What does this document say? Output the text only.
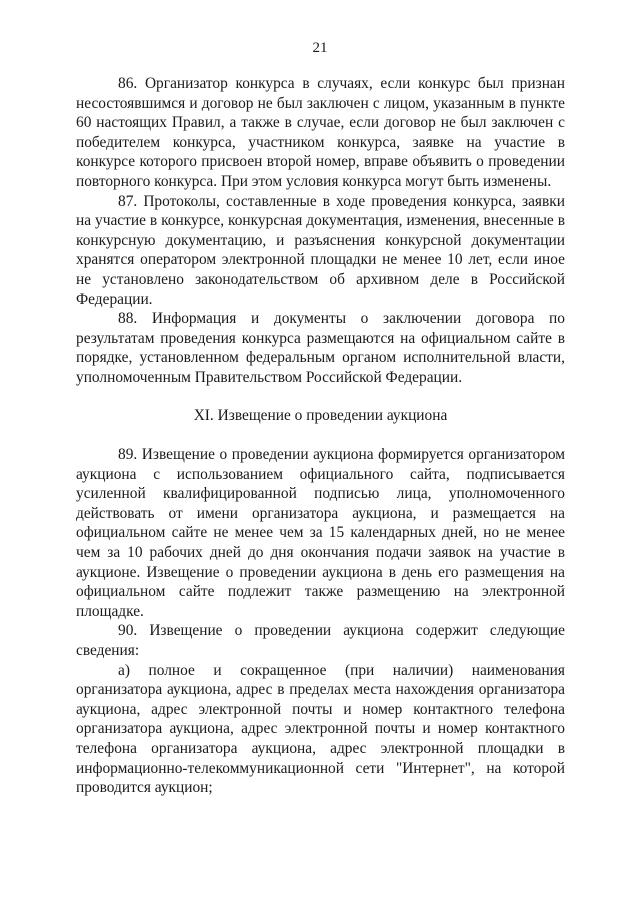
21

86. Организатор конкурса в случаях, если конкурс был признан несостоявшимся и договор не был заключен с лицом, указанным в пункте 60 настоящих Правил, а также в случае, если договор не был заключен с победителем конкурса, участником конкурса, заявке на участие в конкурсе которого присвоен второй номер, вправе объявить о проведении повторного конкурса. При этом условия конкурса могут быть изменены.

87. Протоколы, составленные в ходе проведения конкурса, заявки на участие в конкурсе, конкурсная документация, изменения, внесенные в конкурсную документацию, и разъяснения конкурсной документации хранятся оператором электронной площадки не менее 10 лет, если иное не установлено законодательством об архивном деле в Российской Федерации.

88. Информация и документы о заключении договора по результатам проведения конкурса размещаются на официальном сайте в порядке, установленном федеральным органом исполнительной власти, уполномоченным Правительством Российской Федерации.

XI. Извещение о проведении аукциона

89. Извещение о проведении аукциона формируется организатором аукциона с использованием официального сайта, подписывается усиленной квалифицированной подписью лица, уполномоченного действовать от имени организатора аукциона, и размещается на официальном сайте не менее чем за 15 календарных дней, но не менее чем за 10 рабочих дней до дня окончания подачи заявок на участие в аукционе. Извещение о проведении аукциона в день его размещения на официальном сайте подлежит также размещению на электронной площадке.

90. Извещение о проведении аукциона содержит следующие сведения:

а) полное и сокращенное (при наличии) наименования организатора аукциона, адрес в пределах места нахождения организатора аукциона, адрес электронной почты и номер контактного телефона организатора аукциона, адрес электронной почты и номер контактного телефона организатора аукциона, адрес электронной площадки в информационно-телекоммуникационной сети "Интернет", на которой проводится аукцион;
